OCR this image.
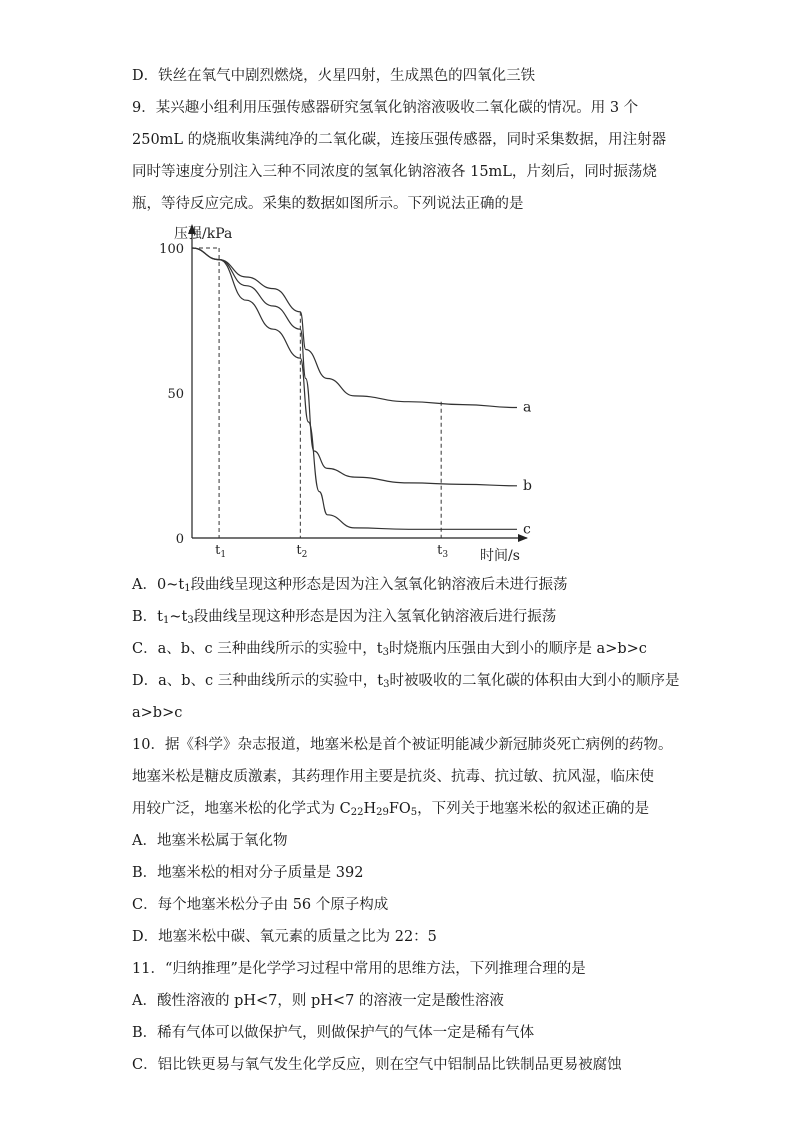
D．铁丝在氧气中剧烈燃烧，火星四射，生成黑色的四氧化三铁
9．某兴趣小组利用压强传感器研究氢氧化钠溶液吸收二氧化碳的情况。用 3 个 250mL 的烧瓶收集满纯净的二氧化碳，连接压强传感器，同时采集数据，用注射器同时等速度分别注入三种不同浓度的氢氧化钠溶液各 15mL，片刻后，同时振荡烧瓶，等待反应完成。采集的数据如图所示。下列说法正确的是
压强/kPa
时间/s
100
50
0
$t_1$	$t_2$	$t_3$
a
b
c
A．$0\sim t_1$段曲线呈现这种形态是因为注入氢氧化钠溶液后未进行振荡
B．$t_1\sim t_3$段曲线呈现这种形态是因为注入氢氧化钠溶液后进行振荡
C．a、b、c 三种曲线所示的实验中，$t_3$时烧瓶内压强由大到小的顺序是 a>b>c
D．a、b、c 三种曲线所示的实验中，$t_3$时被吸收的二氧化碳的体积由大到小的顺序是
a>b>c
10．据《科学》杂志报道，地塞米松是首个被证明能减少新冠肺炎死亡病例的药物。
地塞米松是糖皮质激素，其药理作用主要是抗炎、抗毒、抗过敏、抗风湿，临床使
用较广泛，地塞米松的化学式为 $C_{22}H_{29}FO_5$，下列关于地塞米松的叙述正确的是
A．地塞米松属于氧化物
B．地塞米松的相对分子质量是 392
C．每个地塞米松分子由 56 个原子构成
D．地塞米松中碳、氧元素的质量之比为 22：5
11．“归纳推理”是化学学习过程中常用的思维方法，下列推理合理的是
A．酸性溶液的 pH<7，则 pH<7 的溶液一定是酸性溶液
B．稀有气体可以做保护气，则做保护气的气体一定是稀有气体
C．铝比铁更易与氧气发生化学反应，则在空气中铝制品比铁制品更易被腐蚀
